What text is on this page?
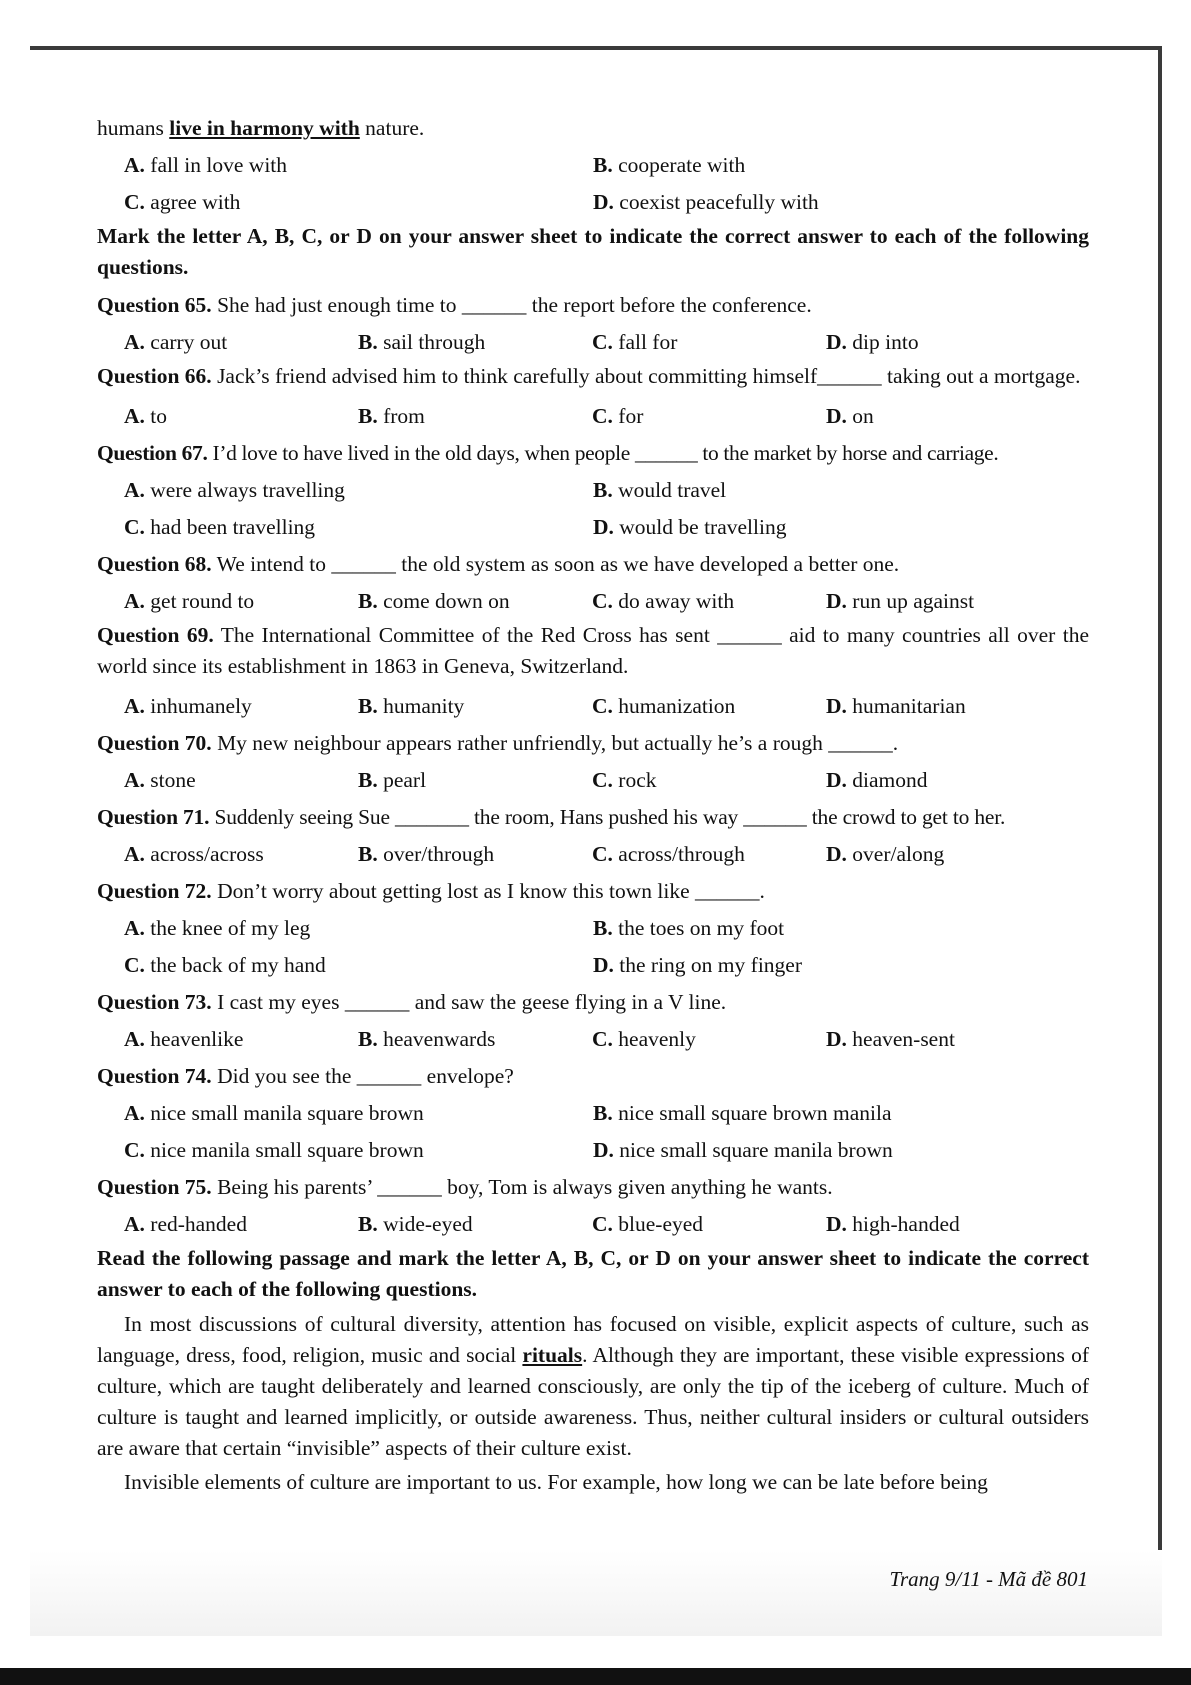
humans live in harmony with nature.
A. fall in love with	B. cooperate with
C. agree with	D. coexist peacefully with
Mark the letter A, B, C, or D on your answer sheet to indicate the correct answer to each of the following questions.
Question 65. She had just enough time to ______ the report before the conference.
A. carry out	B. sail through	C. fall for	D. dip into
Question 66. Jack’s friend advised him to think carefully about committing himself______ taking out a mortgage.
A. to	B. from	C. for	D. on
Question 67. I’d love to have lived in the old days, when people ______ to the market by horse and carriage.
A. were always travelling	B. would travel
C. had been travelling	D. would be travelling
Question 68. We intend to ______ the old system as soon as we have developed a better one.
A. get round to	B. come down on	C. do away with	D. run up against
Question 69. The International Committee of the Red Cross has sent ______ aid to many countries all over the world since its establishment in 1863 in Geneva, Switzerland.
A. inhumanely	B. humanity	C. humanization	D. humanitarian
Question 70. My new neighbour appears rather unfriendly, but actually he’s a rough ______.
A. stone	B. pearl	C. rock	D. diamond
Question 71. Suddenly seeing Sue _______ the room, Hans pushed his way ______ the crowd to get to her.
A. across/across	B. over/through	C. across/through	D. over/along
Question 72. Don’t worry about getting lost as I know this town like ______.
A. the knee of my leg	B. the toes on my foot
C. the back of my hand	D. the ring on my finger
Question 73. I cast my eyes ______ and saw the geese flying in a V line.
A. heavenlike	B. heavenwards	C. heavenly	D. heaven-sent
Question 74. Did you see the ______ envelope?
A. nice small manila square brown	B. nice small square brown manila
C. nice manila small square brown	D. nice small square manila brown
Question 75. Being his parents’ ______ boy, Tom is always given anything he wants.
A. red-handed	B. wide-eyed	C. blue-eyed	D. high-handed
Read the following passage and mark the letter A, B, C, or D on your answer sheet to indicate the correct answer to each of the following questions.
In most discussions of cultural diversity, attention has focused on visible, explicit aspects of culture, such as language, dress, food, religion, music and social rituals. Although they are important, these visible expressions of culture, which are taught deliberately and learned consciously, are only the tip of the iceberg of culture. Much of culture is taught and learned implicitly, or outside awareness. Thus, neither cultural insiders or cultural outsiders are aware that certain “invisible” aspects of their culture exist.
Invisible elements of culture are important to us. For example, how long we can be late before being
Trang 9/11 - Mã đề 801
